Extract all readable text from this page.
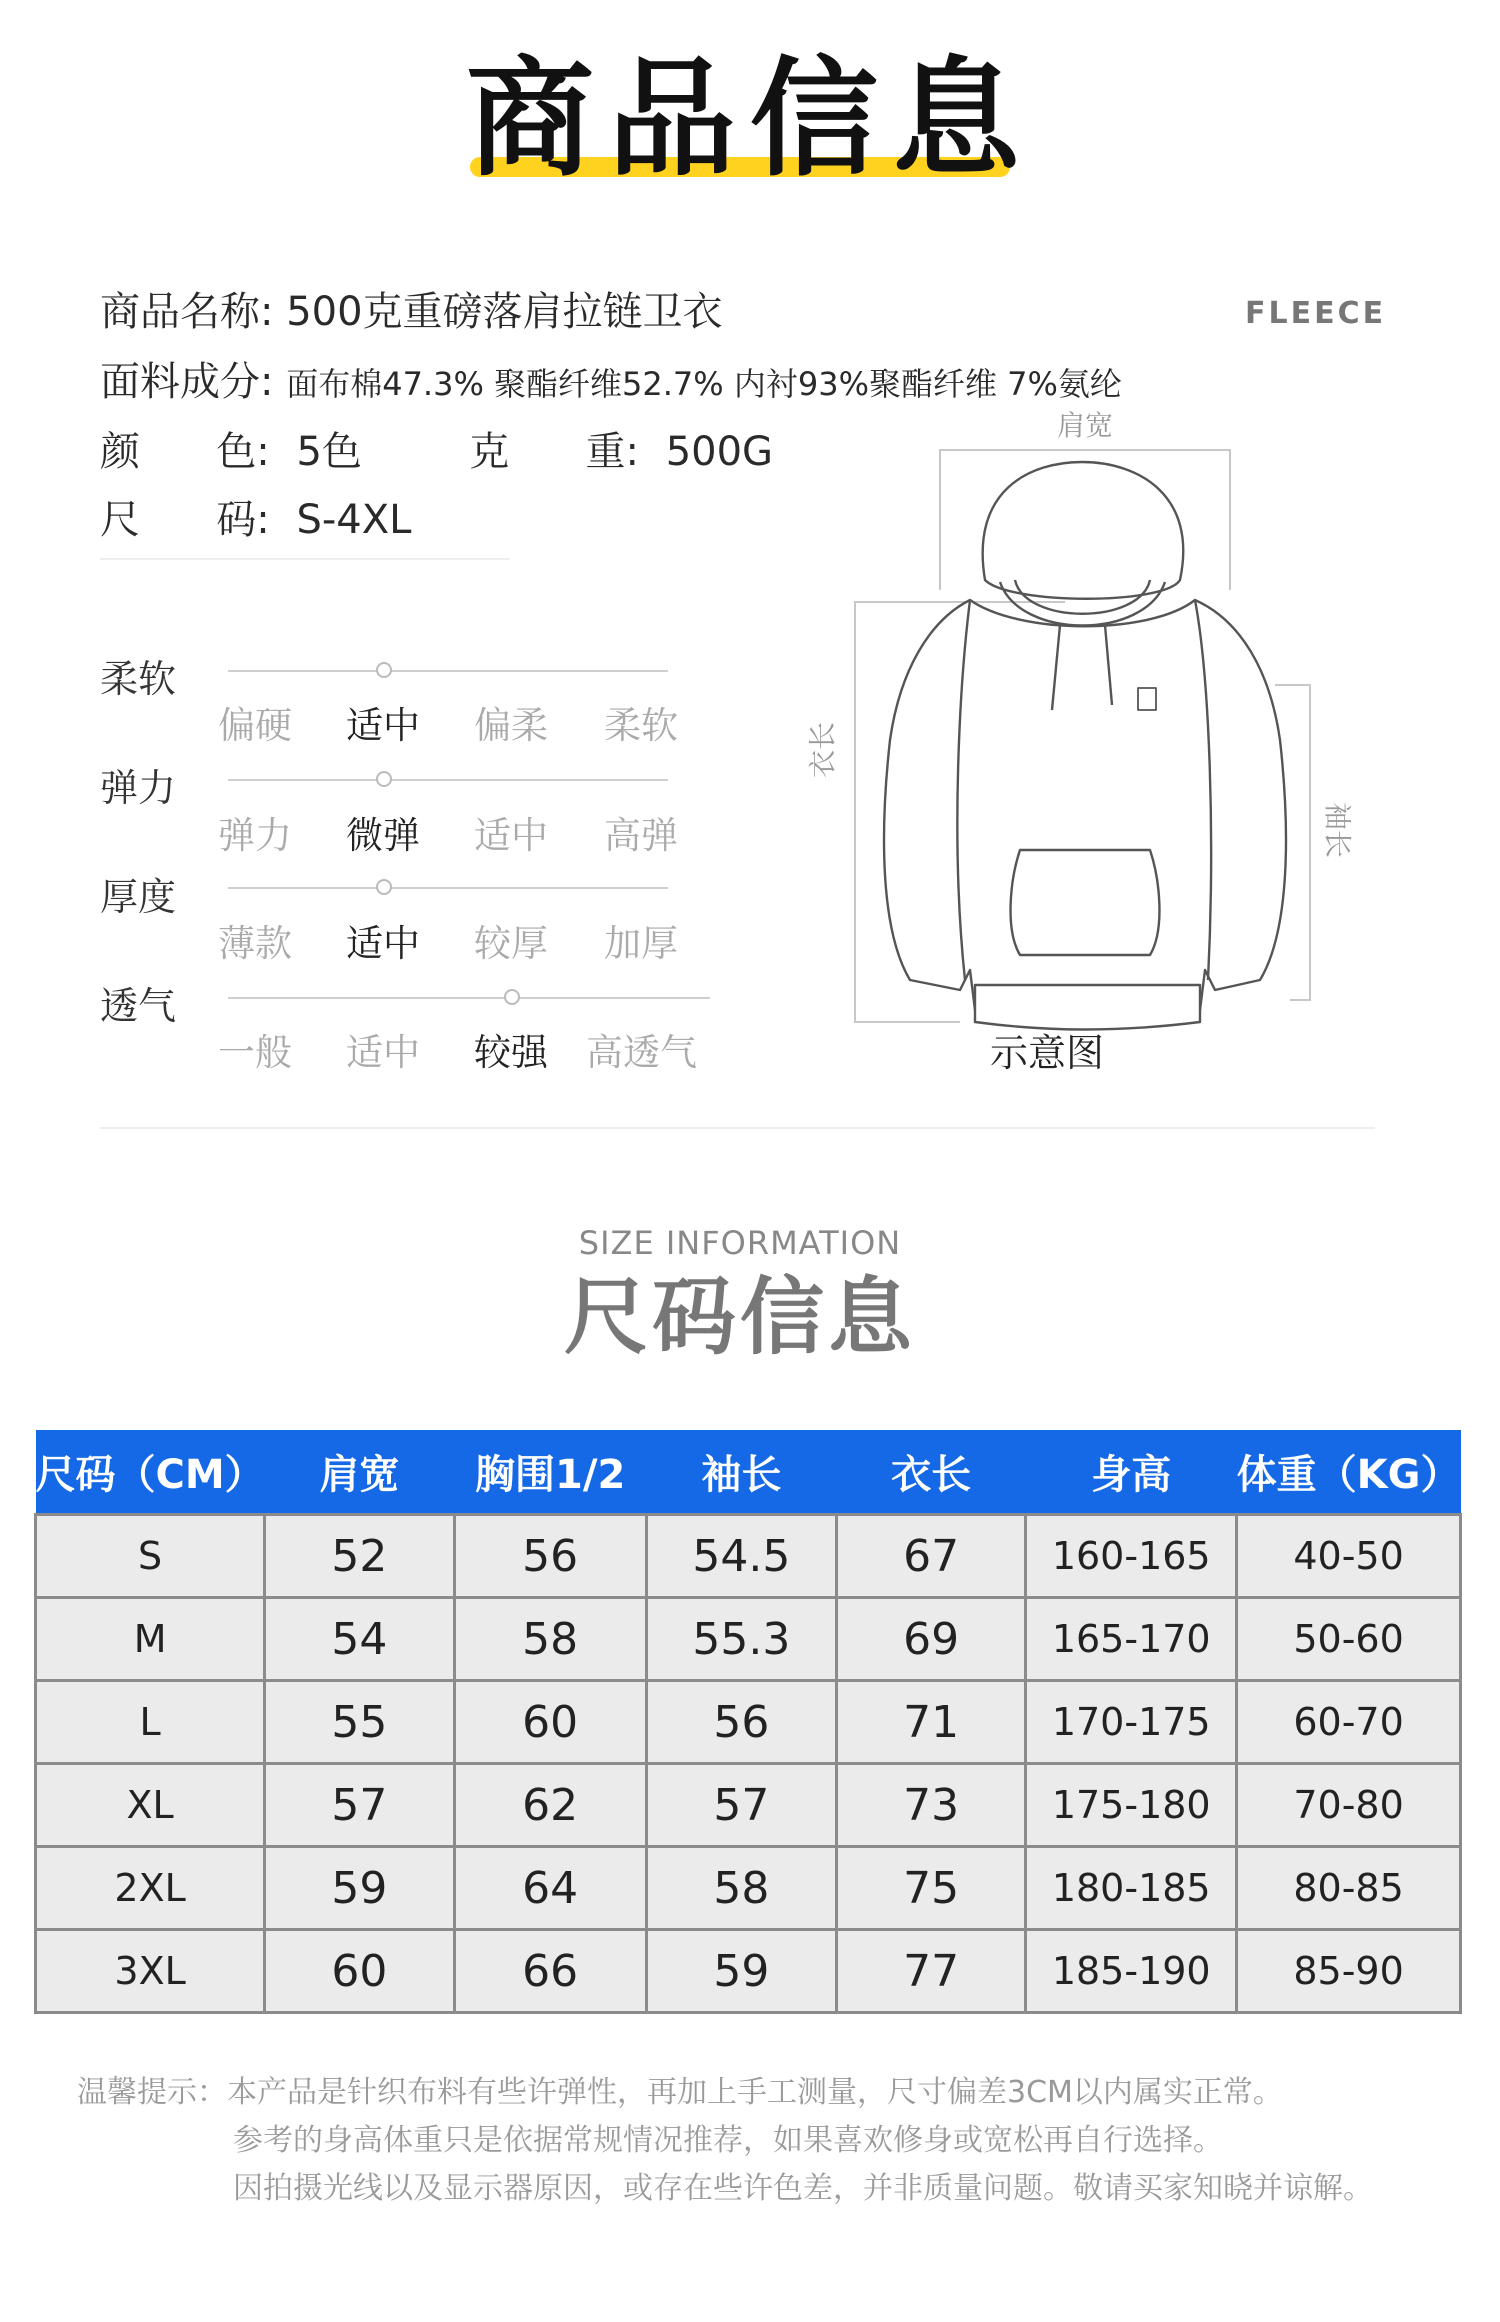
商品信息
商品名称: 500克重磅落肩拉链卫衣
面料成分: 面布棉47.3% 聚酯纤维52.7% 内衬93%聚酯纤维 7%氨纶
颜      色: 5色	克      重: 500G
尺      码: S-4XL
FLEECE
柔软
偏硬 适中 偏柔 柔软
弹力
弹力 微弹 适中 高弹
厚度
薄款 适中 较厚 加厚
透气
一般 适中 较强 高透气
肩宽
衣长
袖长
示意图
SIZE INFORMATION
尺码信息
尺码（CM）	肩宽	胸围1/2	袖长	衣长	身高	体重（KG）
S	52	56	54.5	67	160-165	40-50
M	54	58	55.3	69	165-170	50-60
L	55	60	56	71	170-175	60-70
XL	57	62	57	73	175-180	70-80
2XL	59	64	58	75	180-185	80-85
3XL	60	66	59	77	185-190	85-90
温馨提示：本产品是针织布料有些许弹性，再加上手工测量，尺寸偏差3CM以内属实正常。
参考的身高体重只是依据常规情况推荐，如果喜欢修身或宽松再自行选择。
因拍摄光线以及显示器原因，或存在些许色差，并非质量问题。敬请买家知晓并谅解。
